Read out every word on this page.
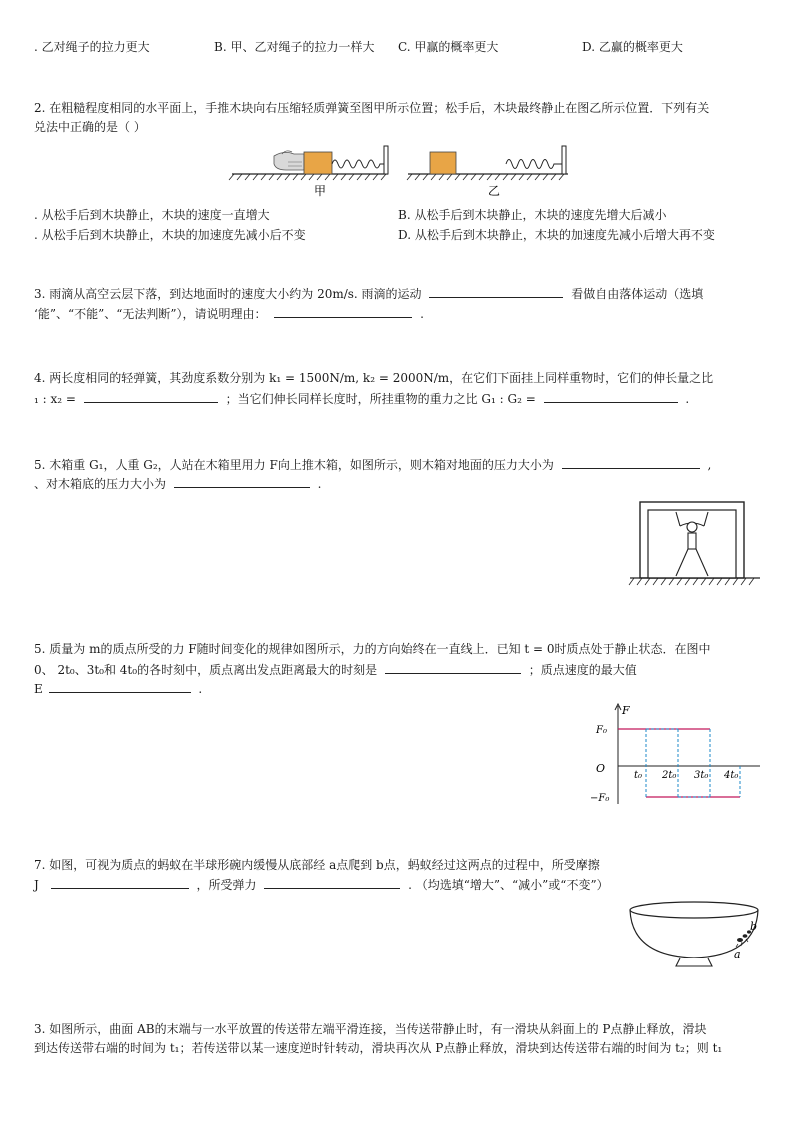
. 乙对绳子的拉力更大	B. 甲、乙对绳子的拉力一样大 C. 甲赢的概率更大	D. 乙赢的概率更大
2. 在粗糙程度相同的水平面上，手推木块向右压缩轻质弹簧至图甲所示位置；松手后，木块最终静止在图乙所示位置．下列有关
兑法中正确的是（ ）
甲	乙
. 从松手后到木块静止，木块的速度一直增大	B. 从松手后到木块静止，木块的速度先增大后减小
. 从松手后到木块静止，木块的加速度先减小后不变	D. 从松手后到木块静止，木块的加速度先减小后增大再不变
3. 雨滴从高空云层下落，到达地面时的速度大小约为 20m/s. 雨滴的运动	看做自由落体运动（选填
‘能”、“不能”、“无法判断”），请说明理由：	.
4. 两长度相同的轻弹簧，其劲度系数分别为 k₁ = 1500N/m, k₂ = 2000N/m，在它们下面挂上同样重物时，它们的伸长量之比
₁ : x₂ =	；当它们伸长同样长度时，所挂重物的重力之比 G₁ : G₂ =	.
5. 木箱重 G₁，人重 G₂，人站在木箱里用力 F向上推木箱，如图所示，则木箱对地面的压力大小为	,
、对木箱底的压力大小为	.
5. 质量为 m的质点所受的力 F随时间变化的规律如图所示，力的方向始终在一直线上．已知 t = 0时质点处于静止状态．在图中
0、 2t₀、3t₀和 4t₀的各时刻中，质点离出发点距离最大的时刻是	；质点速度的最大值
E	.
F
O
F₀
−F₀
t₀ 2t₀ 3t₀ 4t₀
7. 如图，可视为质点的蚂蚁在半球形碗内缓慢从底部经 a点爬到 b点，蚂蚁经过这两点的过程中，所受摩擦
J	，所受弹力	. （均选填“增大”、“减小”或“不变”）
a
b
3. 如图所示，曲面 AB的末端与一水平放置的传送带左端平滑连接，当传送带静止时，有一滑块从斜面上的 P点静止释放，滑块
到达传送带右端的时间为 t₁；若传送带以某一速度逆时针转动，滑块再次从 P点静止释放，滑块到达传送带右端的时间为 t₂；则 t₁
